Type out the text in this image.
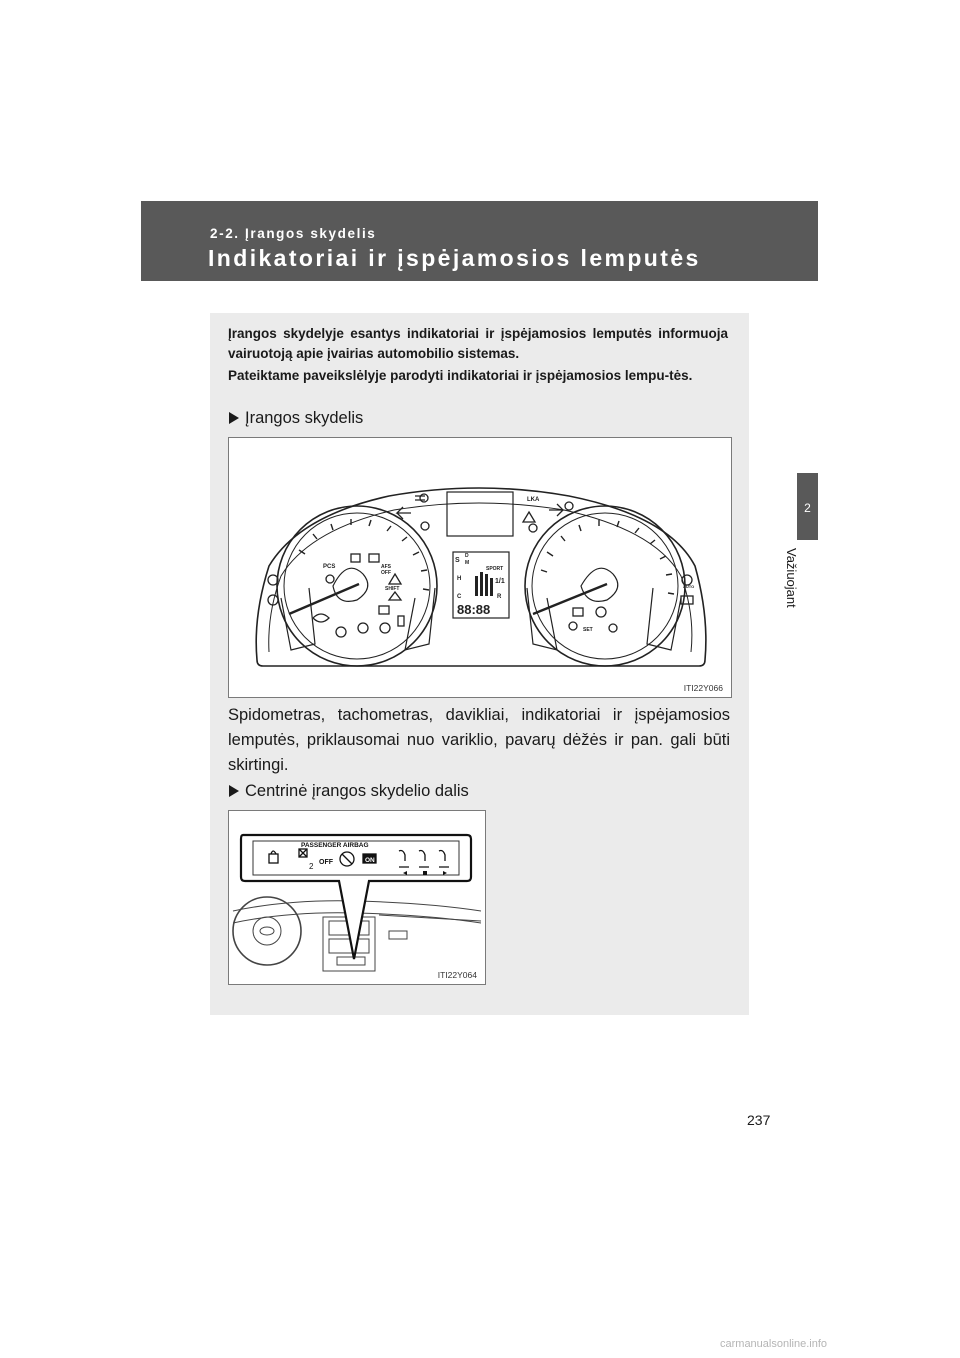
2-2. Įrangos skydelis
Indikatoriai ir įspėjamosios lemputės
2
Važiuojant

Įrangos skydelyje esantys indikatoriai ir įspėjamosios lemputės informuoja vairuotoją apie įvairias automobilio sistemas.

Pateiktame paveikslėlyje parodyti indikatoriai ir įspėjamosios lempu-tės.

Įrangos skydelis
PCS	AFS
OFF
SHIFT
LKA
SPORT
S
D
M
H
C
1/1
R
88:88
SET
AUTO
ITI22Y066

Spidometras, tachometras, davikliai, indikatoriai ir įspėjamosios lemputės, priklausomai nuo variklio, pavarų dėžės ir pan. gali būti skirtingi.

Centrinė įrangos skydelio dalis
PASSENGER AIRBAG
OFF	ON
2
ITI22Y064
237
carmanualsonline.info
